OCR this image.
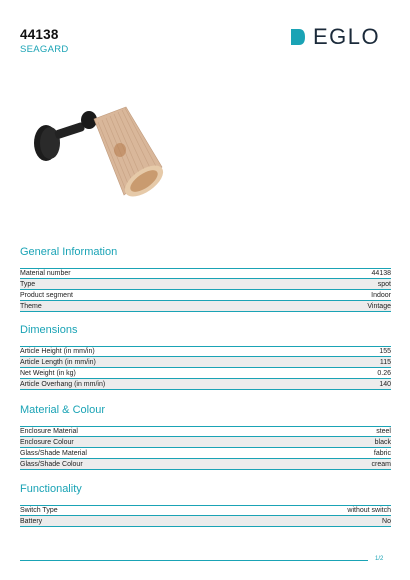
44138
SEAGARD
EGLO
General Information
Material number	44138
Type	spot
Product segment	Indoor
Theme	Vintage
Dimensions
Article Height (in mm/in)	155
Article Length (in mm/in)	115
Net Weight (in kg)	0.26
Article Overhang (in mm/in)	140
Material & Colour
Enclosure Material	steel
Enclosure Colour	black
Glass/Shade Material	fabric
Glass/Shade Colour	cream
Functionality
Switch Type	without switch
Battery	No
1/2
